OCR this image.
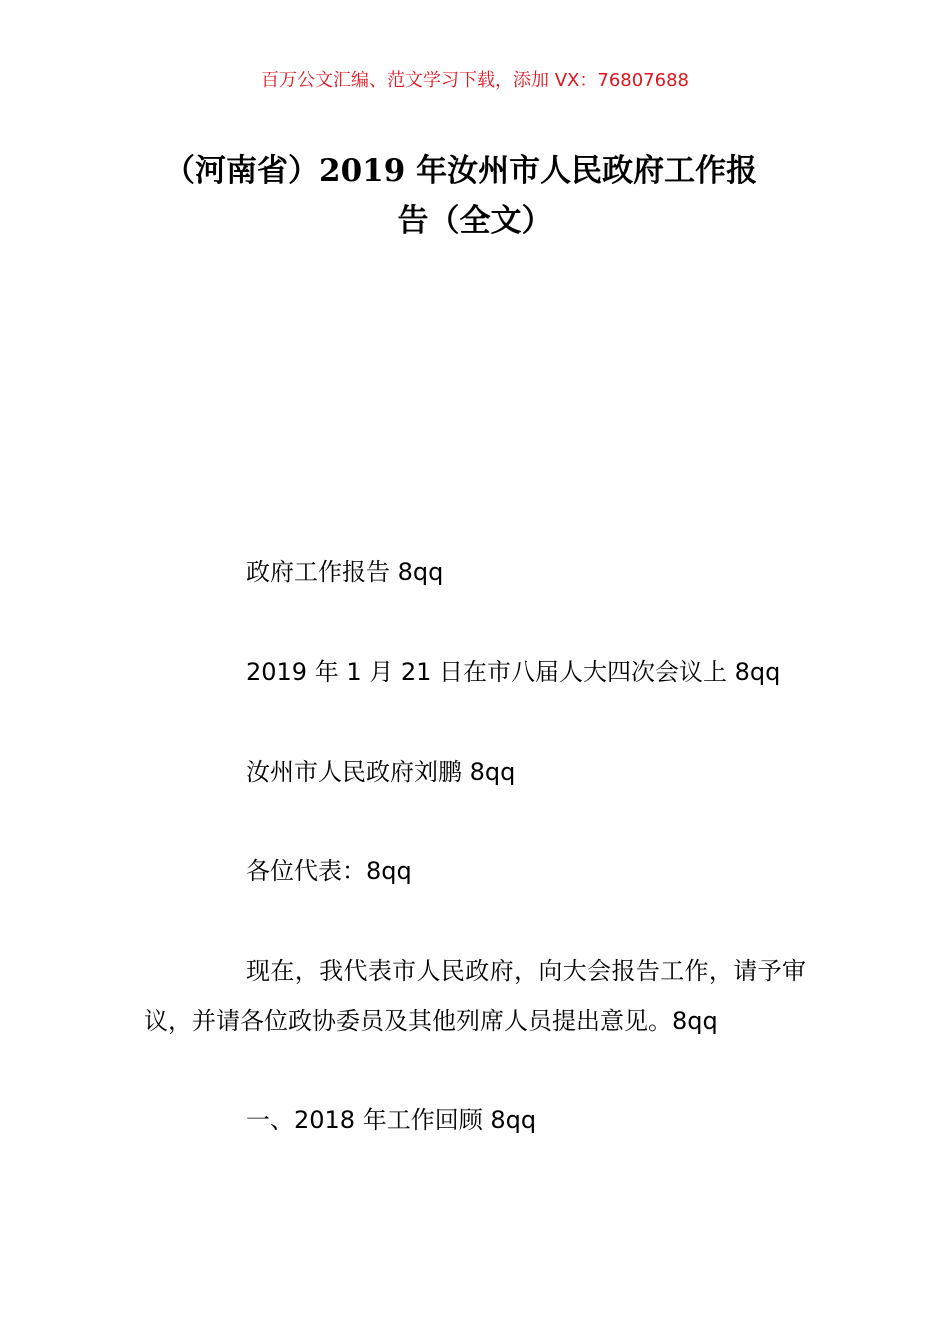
百万公文汇编、范文学习下载，添加 VX：76807688
（河南省）2019 年汝州市人民政府工作报
告（全文）
政府工作报告 8qq
2019 年 1 月 21 日在市八届人大四次会议上 8qq
汝州市人民政府刘鹏 8qq
各位代表：8qq
现在，我代表市人民政府，向大会报告工作，请予审议，并请各位政协委员及其他列席人员提出意见。8qq
一、2018 年工作回顾 8qq
